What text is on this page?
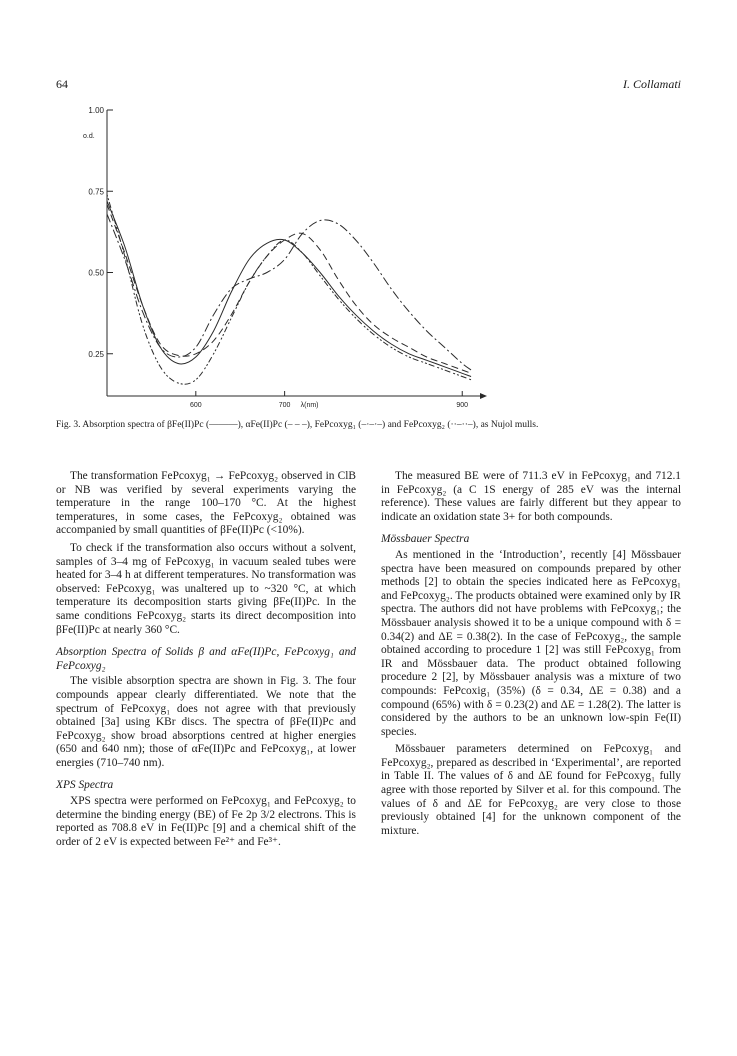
64	I. Collamati
0.25
0.50
0.75
1.00
o.d.
600	700	900
λ(nm)
Fig. 3. Absorption spectra of βFe(II)Pc (———), αFe(II)Pc (– – –), FePcoxyg₁ (–·–·–) and FePcoxyg₂ (··–··–), as Nujol mulls.

The transformation FePcoxyg₁ → FePcoxyg₂ observed in ClB or NB was verified by several experiments varying the temperature in the range 100–170 °C. At the highest temperatures, in some cases, the FePcoxyg₂ obtained was accompanied by small quantities of βFe(II)Pc (<10%).

To check if the transformation also occurs without a solvent, samples of 3–4 mg of FePcoxyg₁ in vacuum sealed tubes were heated for 3–4 h at different temperatures. No transformation was observed: FePcoxyg₁ was unaltered up to ~320 °C, at which temperature its decomposition starts giving βFe(II)Pc. In the same conditions FePcoxyg₂ starts its direct decomposition into βFe(II)Pc at nearly 360 °C.

Absorption Spectra of Solids β and αFe(II)Pc, FePcoxyg₁ and FePcoxyg₂

The visible absorption spectra are shown in Fig. 3. The four compounds appear clearly differentiated. We note that the spectrum of FePcoxyg₁ does not agree with that previously obtained [3a] using KBr discs. The spectra of βFe(II)Pc and FePcoxyg₂ show broad absorptions centred at higher energies (650 and 640 nm); those of αFe(II)Pc and FePcoxyg₁, at lower energies (710–740 nm).

XPS Spectra

XPS spectra were performed on FePcoxyg₁ and FePcoxyg₂ to determine the binding energy (BE) of Fe 2p 3/2 electrons. This is reported as 708.8 eV in Fe(II)Pc [9] and a chemical shift of the order of 2 eV is expected between Fe²⁺ and Fe³⁺.

The measured BE were of 711.3 eV in FePcoxyg₁ and 712.1 in FePcoxyg₂ (a C 1S energy of 285 eV was the internal reference). These values are fairly different but they appear to indicate an oxidation state 3+ for both compounds.

Mössbauer Spectra

As mentioned in the ‘Introduction’, recently [4] Mössbauer spectra have been measured on compounds prepared by other methods [2] to obtain the species indicated here as FePcoxyg₁ and FePcoxyg₂. The products obtained were examined only by IR spectra. The authors did not have problems with FePcoxyg₁; the Mössbauer analysis showed it to be a unique compound with δ = 0.34(2) and ΔE = 0.38(2). In the case of FePcoxyg₂, the sample obtained according to procedure 1 [2] was still FePcoxyg₁ from IR and Mössbauer data. The product obtained following procedure 2 [2], by Mössbauer analysis was a mixture of two compounds: FePcoxig₁ (35%) (δ = 0.34, ΔE = 0.38) and a compound (65%) with δ = 0.23(2) and ΔE = 1.28(2). The latter is considered by the authors to be an unknown low-spin Fe(II) species.

Mössbauer parameters determined on FePcoxyg₁ and FePcoxyg₂, prepared as described in ‘Experimental’, are reported in Table II. The values of δ and ΔE found for FePcoxyg₁ fully agree with those reported by Silver et al. for this compound. The values of δ and ΔE for FePcoxyg₂ are very close to those previously obtained [4] for the unknown component of the mixture.
